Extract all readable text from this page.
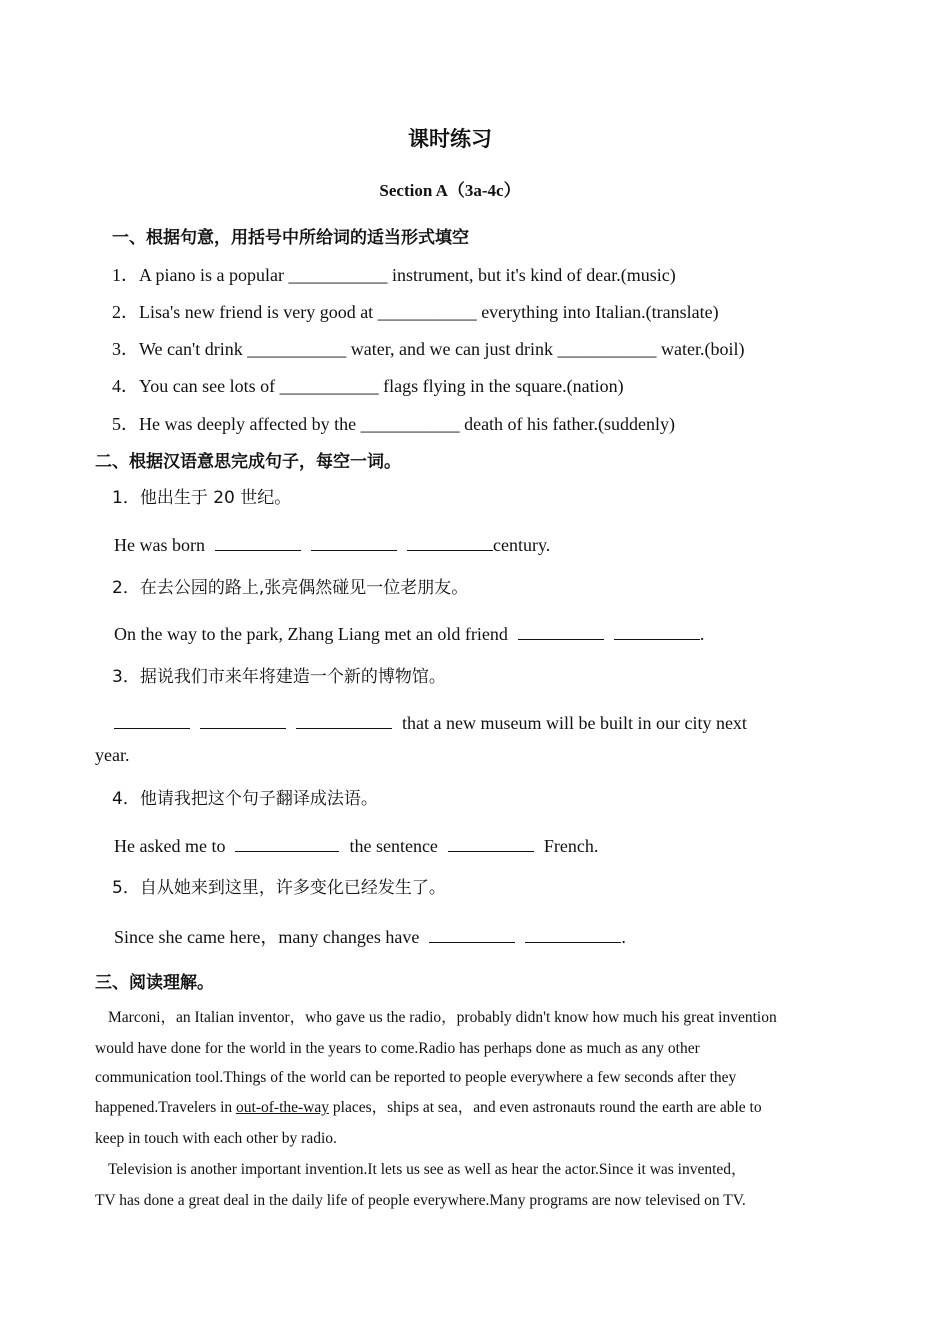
课时练习
Section A（3a-4c）
一、根据句意，用括号中所给词的适当形式填空
1．A piano is a popular ___________ instrument, but it's kind of dear.(music)
2．Lisa's new friend is very good at ___________ everything into Italian.(translate)
3．We can't drink ___________ water, and we can just drink ___________ water.(boil)
4．You can see lots of ___________ flags flying in the square.(nation)
5．He was deeply affected by the ___________ death of his father.(suddenly)
二、根据汉语意思完成句子，每空一词。
1．他出生于 20 世纪。
He was born	century.
2．在去公园的路上,张亮偶然碰见一位老朋友。
On the way to the park, Zhang Liang met an old friend	.
3．据说我们市来年将建造一个新的博物馆。
that a new museum will be built in our city next
year.
4．他请我把这个句子翻译成法语。
He asked me to	the sentence	French.
5．自从她来到这里，许多变化已经发生了。
Since she came here，many changes have	.
三、阅读理解。
Marconi，an Italian inventor，who gave us the radio，probably didn't know how much his great invention
would have done for the world in the years to come.Radio has perhaps done as much as any other
communication tool.Things of the world can be reported to people everywhere a few seconds after they
happened.Travelers in out-of-the-way places，ships at sea，and even astronauts round the earth are able to
keep in touch with each other by radio.
Television is another important invention.It lets us see as well as hear the actor.Since it was invented，
TV has done a great deal in the daily life of people everywhere.Many programs are now televised on TV.
